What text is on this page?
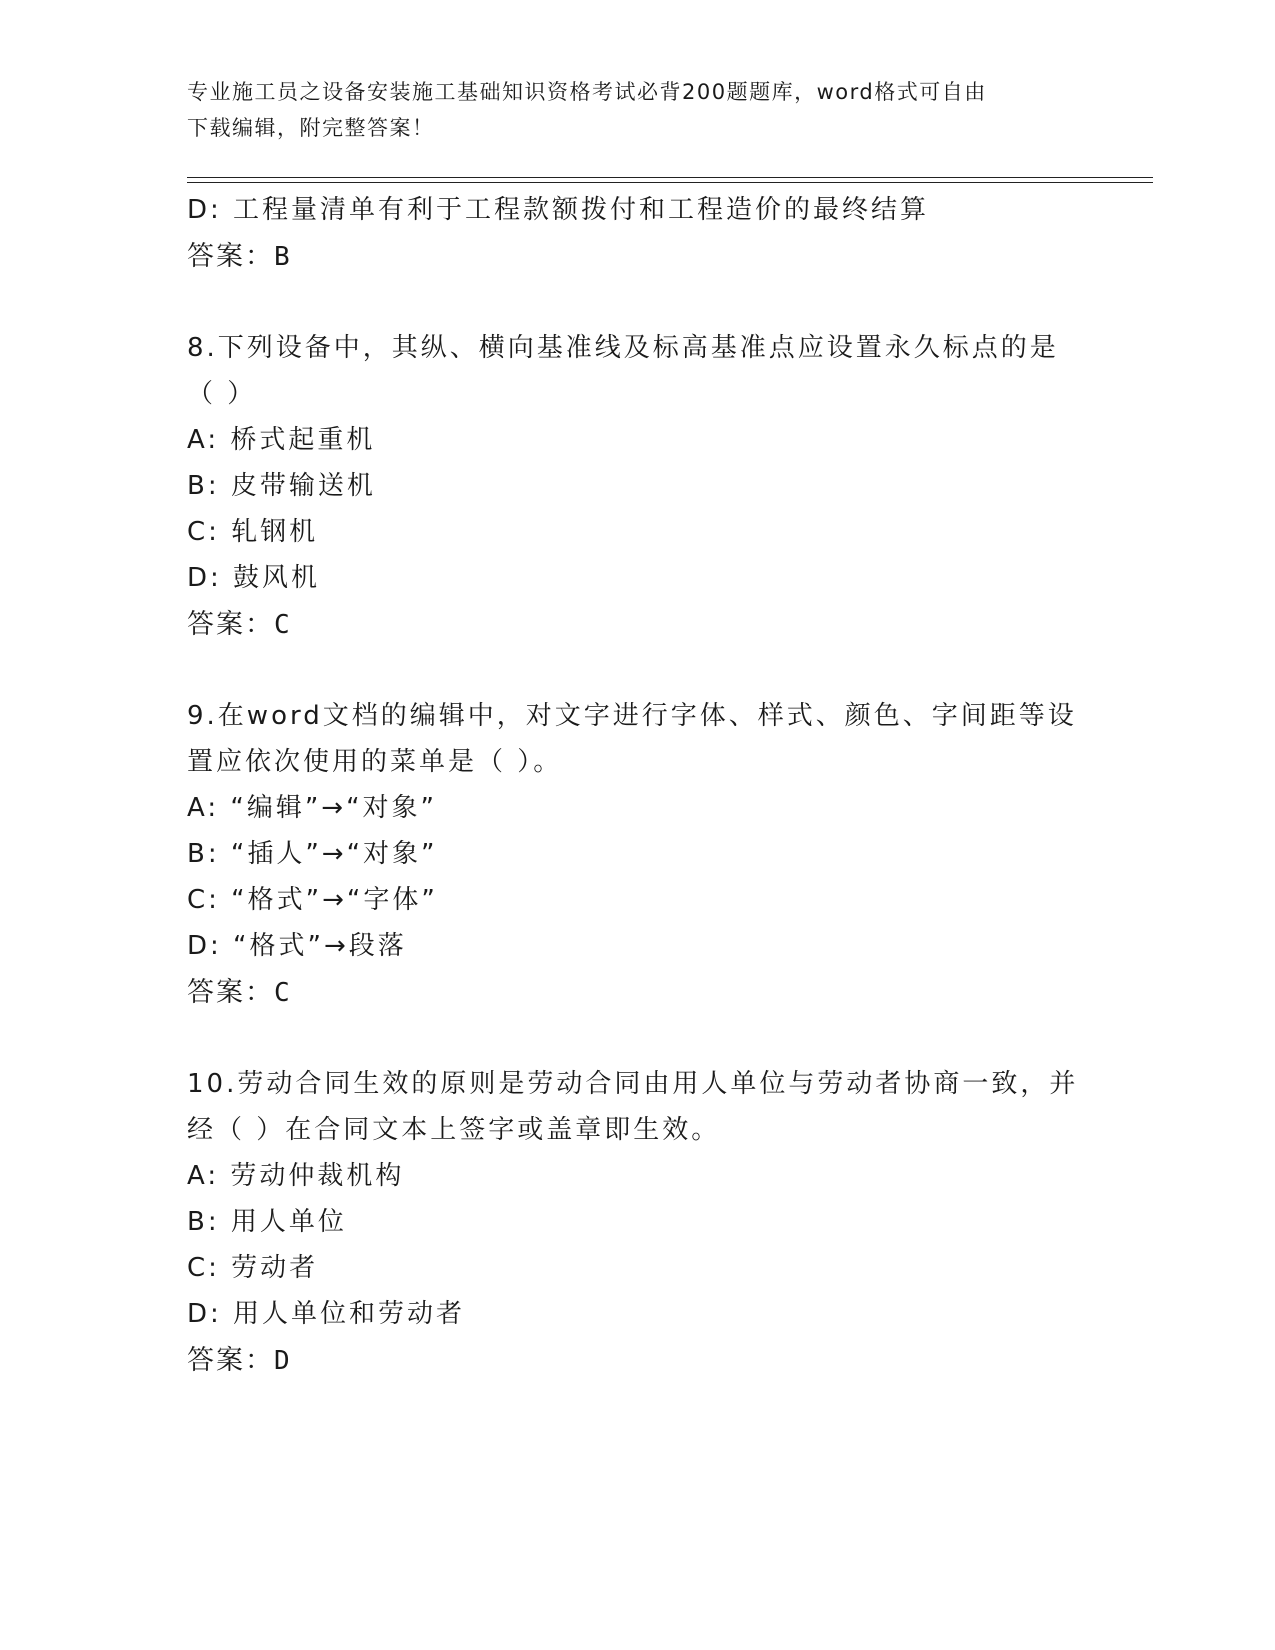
专业施工员之设备安装施工基础知识资格考试必背200题题库，word格式可自由
下载编辑，附完整答案！
D: 工程量清单有利于工程款额拨付和工程造价的最终结算
答案：B
8.下列设备中，其纵、横向基准线及标高基准点应设置永久标点的是
（ ）
A: 桥式起重机
B: 皮带输送机
C: 轧钢机
D: 鼓风机
答案：C
9.在word文档的编辑中，对文字进行字体、样式、颜色、字间距等设
置应依次使用的菜单是（ ）。
A: “编辑”→“对象”
B: “插人”→“对象”
C: “格式”→“字体”
D: “格式”→段落
答案：C
10.劳动合同生效的原则是劳动合同由用人单位与劳动者协商一致，并
经（ ）在合同文本上签字或盖章即生效。
A: 劳动仲裁机构
B: 用人单位
C: 劳动者
D: 用人单位和劳动者
答案：D
